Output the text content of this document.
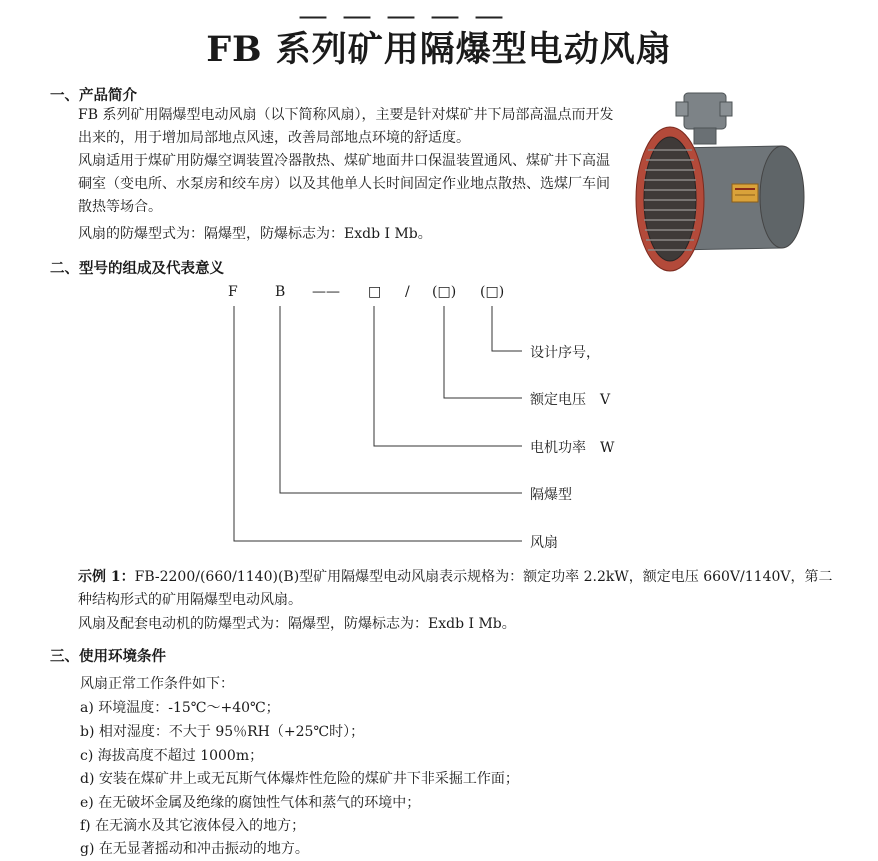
＿＿＿＿＿
FB 系列矿用隔爆型电动风扇
一、产品简介
FB 系列矿用隔爆型电动风扇（以下简称风扇），主要是针对煤矿井下局部高温点而开发出来的，用于增加局部地点风速，改善局部地点环境的舒适度。
风扇适用于煤矿用防爆空调装置冷器散热、煤矿地面井口保温装置通风、煤矿井下高温硐室（变电所、水泵房和绞车房）以及其他单人长时间固定作业地点散热、选煤厂车间散热等场合。
风扇的防爆型式为：隔爆型，防爆标志为：Exdb I Mb。
二、型号的组成及代表意义
F	B —— □ / (□) (□)
设计序号，
额定电压　V
电机功率　W
隔爆型
风扇
示例 1：FB-2200/(660/1140)(B)型矿用隔爆型电动风扇表示规格为：额定功率 2.2kW，额定电压 660V/1140V，第二种结构形式的矿用隔爆型电动风扇。
风扇及配套电动机的防爆型式为：隔爆型，防爆标志为：Exdb I Mb。
三、使用环境条件
风扇正常工作条件如下：
a) 环境温度：-15℃～+40℃；
b) 相对湿度：不大于 95％RH（+25℃时）；
c) 海拔高度不超过 1000m；
d) 安装在煤矿井上或无瓦斯气体爆炸性危险的煤矿井下非采掘工作面；
e) 在无破坏金属及绝缘的腐蚀性气体和蒸气的环境中；
f) 在无滴水及其它液体侵入的地方；
g) 在无显著摇动和冲击振动的地方。
